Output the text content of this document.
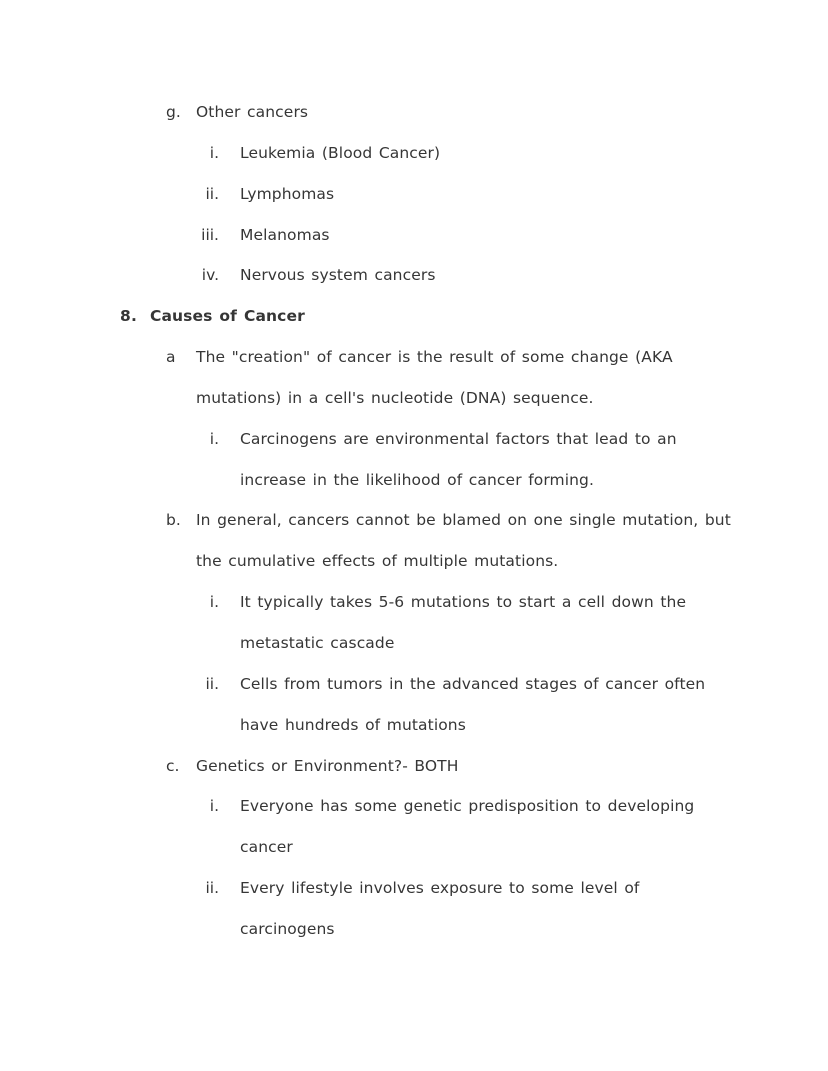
g. Other cancers
i. Leukemia (Blood Cancer)
ii. Lymphomas
iii. Melanomas
iv. Nervous system cancers
8. Causes of Cancer
a The "creation" of cancer is the result of some change (AKA
mutations) in a cell's nucleotide (DNA) sequence.
i. Carcinogens are environmental factors that lead to an
increase in the likelihood of cancer forming.
b. In general, cancers cannot be blamed on one single mutation, but
the cumulative effects of multiple mutations.
i. It typically takes 5-6 mutations to start a cell down the
metastatic cascade
ii. Cells from tumors in the advanced stages of cancer often
have hundreds of mutations
c. Genetics or Environment?- BOTH
i. Everyone has some genetic predisposition to developing
cancer
ii. Every lifestyle involves exposure to some level of
carcinogens
